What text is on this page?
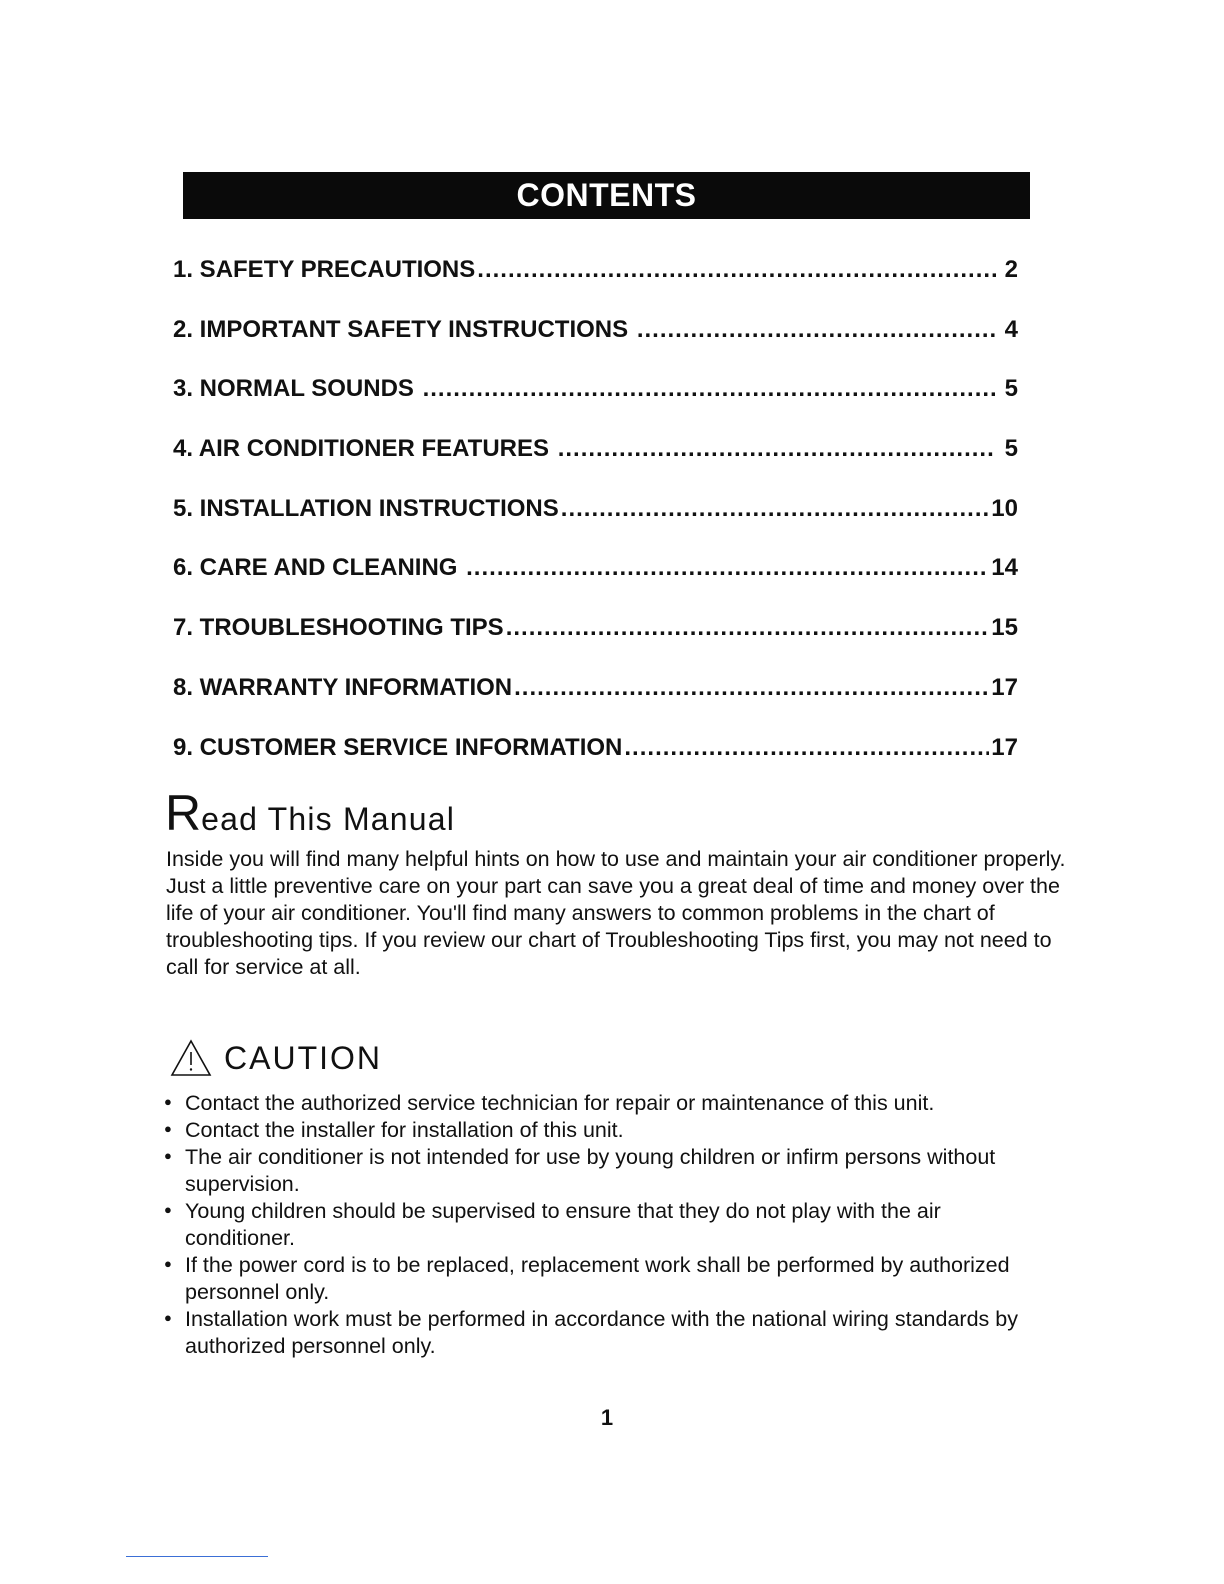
CONTENTS
1. SAFETY PRECAUTIONS .....	2
2. IMPORTANT SAFETY INSTRUCTIONS .....	4
3. NORMAL SOUNDS .....	5
4. AIR CONDITIONER FEATURES .....	5
5. INSTALLATION INSTRUCTIONS .....	10
6. CARE AND CLEANING .....	14
7. TROUBLESHOOTING TIPS .....	15
8. WARRANTY INFORMATION .....	17
9. CUSTOMER SERVICE INFORMATION .....	17
Read This Manual

Inside you will find many helpful hints on how to use and maintain your air conditioner properly. Just a little preventive care on your part can save you a great deal of time and money over the life of your air conditioner. You'll find many answers to common problems in the chart of troubleshooting tips. If you review our chart of Troubleshooting Tips first, you may not need to call for service at all.

CAUTION
● Contact the authorized service technician for repair or maintenance of this unit.
● Contact the installer for installation of this unit.
● The air conditioner is not intended for use by young children or infirm persons without supervision.
● Young children should be supervised to ensure that they do not play with the air conditioner.
● If the power cord is to be replaced, replacement work shall be performed by authorized personnel only.
● Installation work must be performed in accordance with the national wiring standards by authorized personnel only.
1
